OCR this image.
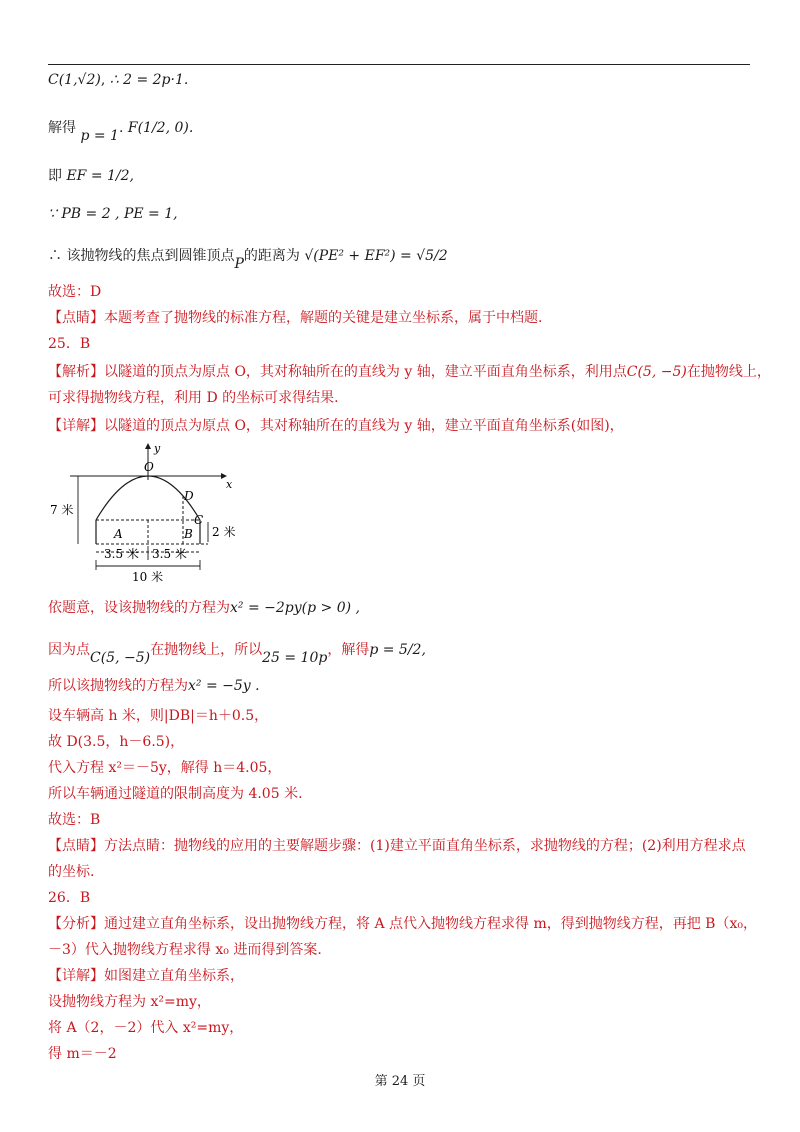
C(1,√2), ∴ 2 = 2p·1.
解得 p = 1. F(1/2, 0).
即 EF = 1/2,
∵ PB = 2 , PE = 1,
∴ 该抛物线的焦点到圆锥顶点P的距离为 √(PE² + EF²) = √5/2
故选：D
【点睛】本题考查了抛物线的标准方程，解题的关键是建立坐标系，属于中档题.
25．B
【解析】以隧道的顶点为原点 O，其对称轴所在的直线为 y 轴，建立平面直角坐标系，利用点C(5, −5)在抛物线上，
可求得抛物线方程，利用 D 的坐标可求得结果.
【详解】以隧道的顶点为原点 O，其对称轴所在的直线为 y 轴，建立平面直角坐标系(如图)，
y
x
O
D
C
A	B
7 米
2 米
3.5 米 3.5 米
10 米
依题意，设该抛物线的方程为x² = −2py(p > 0) ,
因为点C(5, −5)在抛物线上，所以25 = 10p，解得p = 5/2,
所以该抛物线的方程为x² = −5y .
设车辆高 h 米，则|DB|＝h＋0.5，
故 D(3.5，h－6.5)，
代入方程 x²＝－5y，解得 h＝4.05，
所以车辆通过隧道的限制高度为 4.05 米.
故选：B
【点睛】方法点睛：抛物线的应用的主要解题步骤：(1)建立平面直角坐标系，求抛物线的方程；(2)利用方程求点
的坐标.
26．B
【分析】通过建立直角坐标系，设出抛物线方程，将 A 点代入抛物线方程求得 m，得到抛物线方程，再把 B（x₀，
－3）代入抛物线方程求得 x₀ 进而得到答案.
【详解】如图建立直角坐标系，
设抛物线方程为 x²=my，
将 A（2，－2）代入 x²=my，
得 m＝－2
第 24 页
